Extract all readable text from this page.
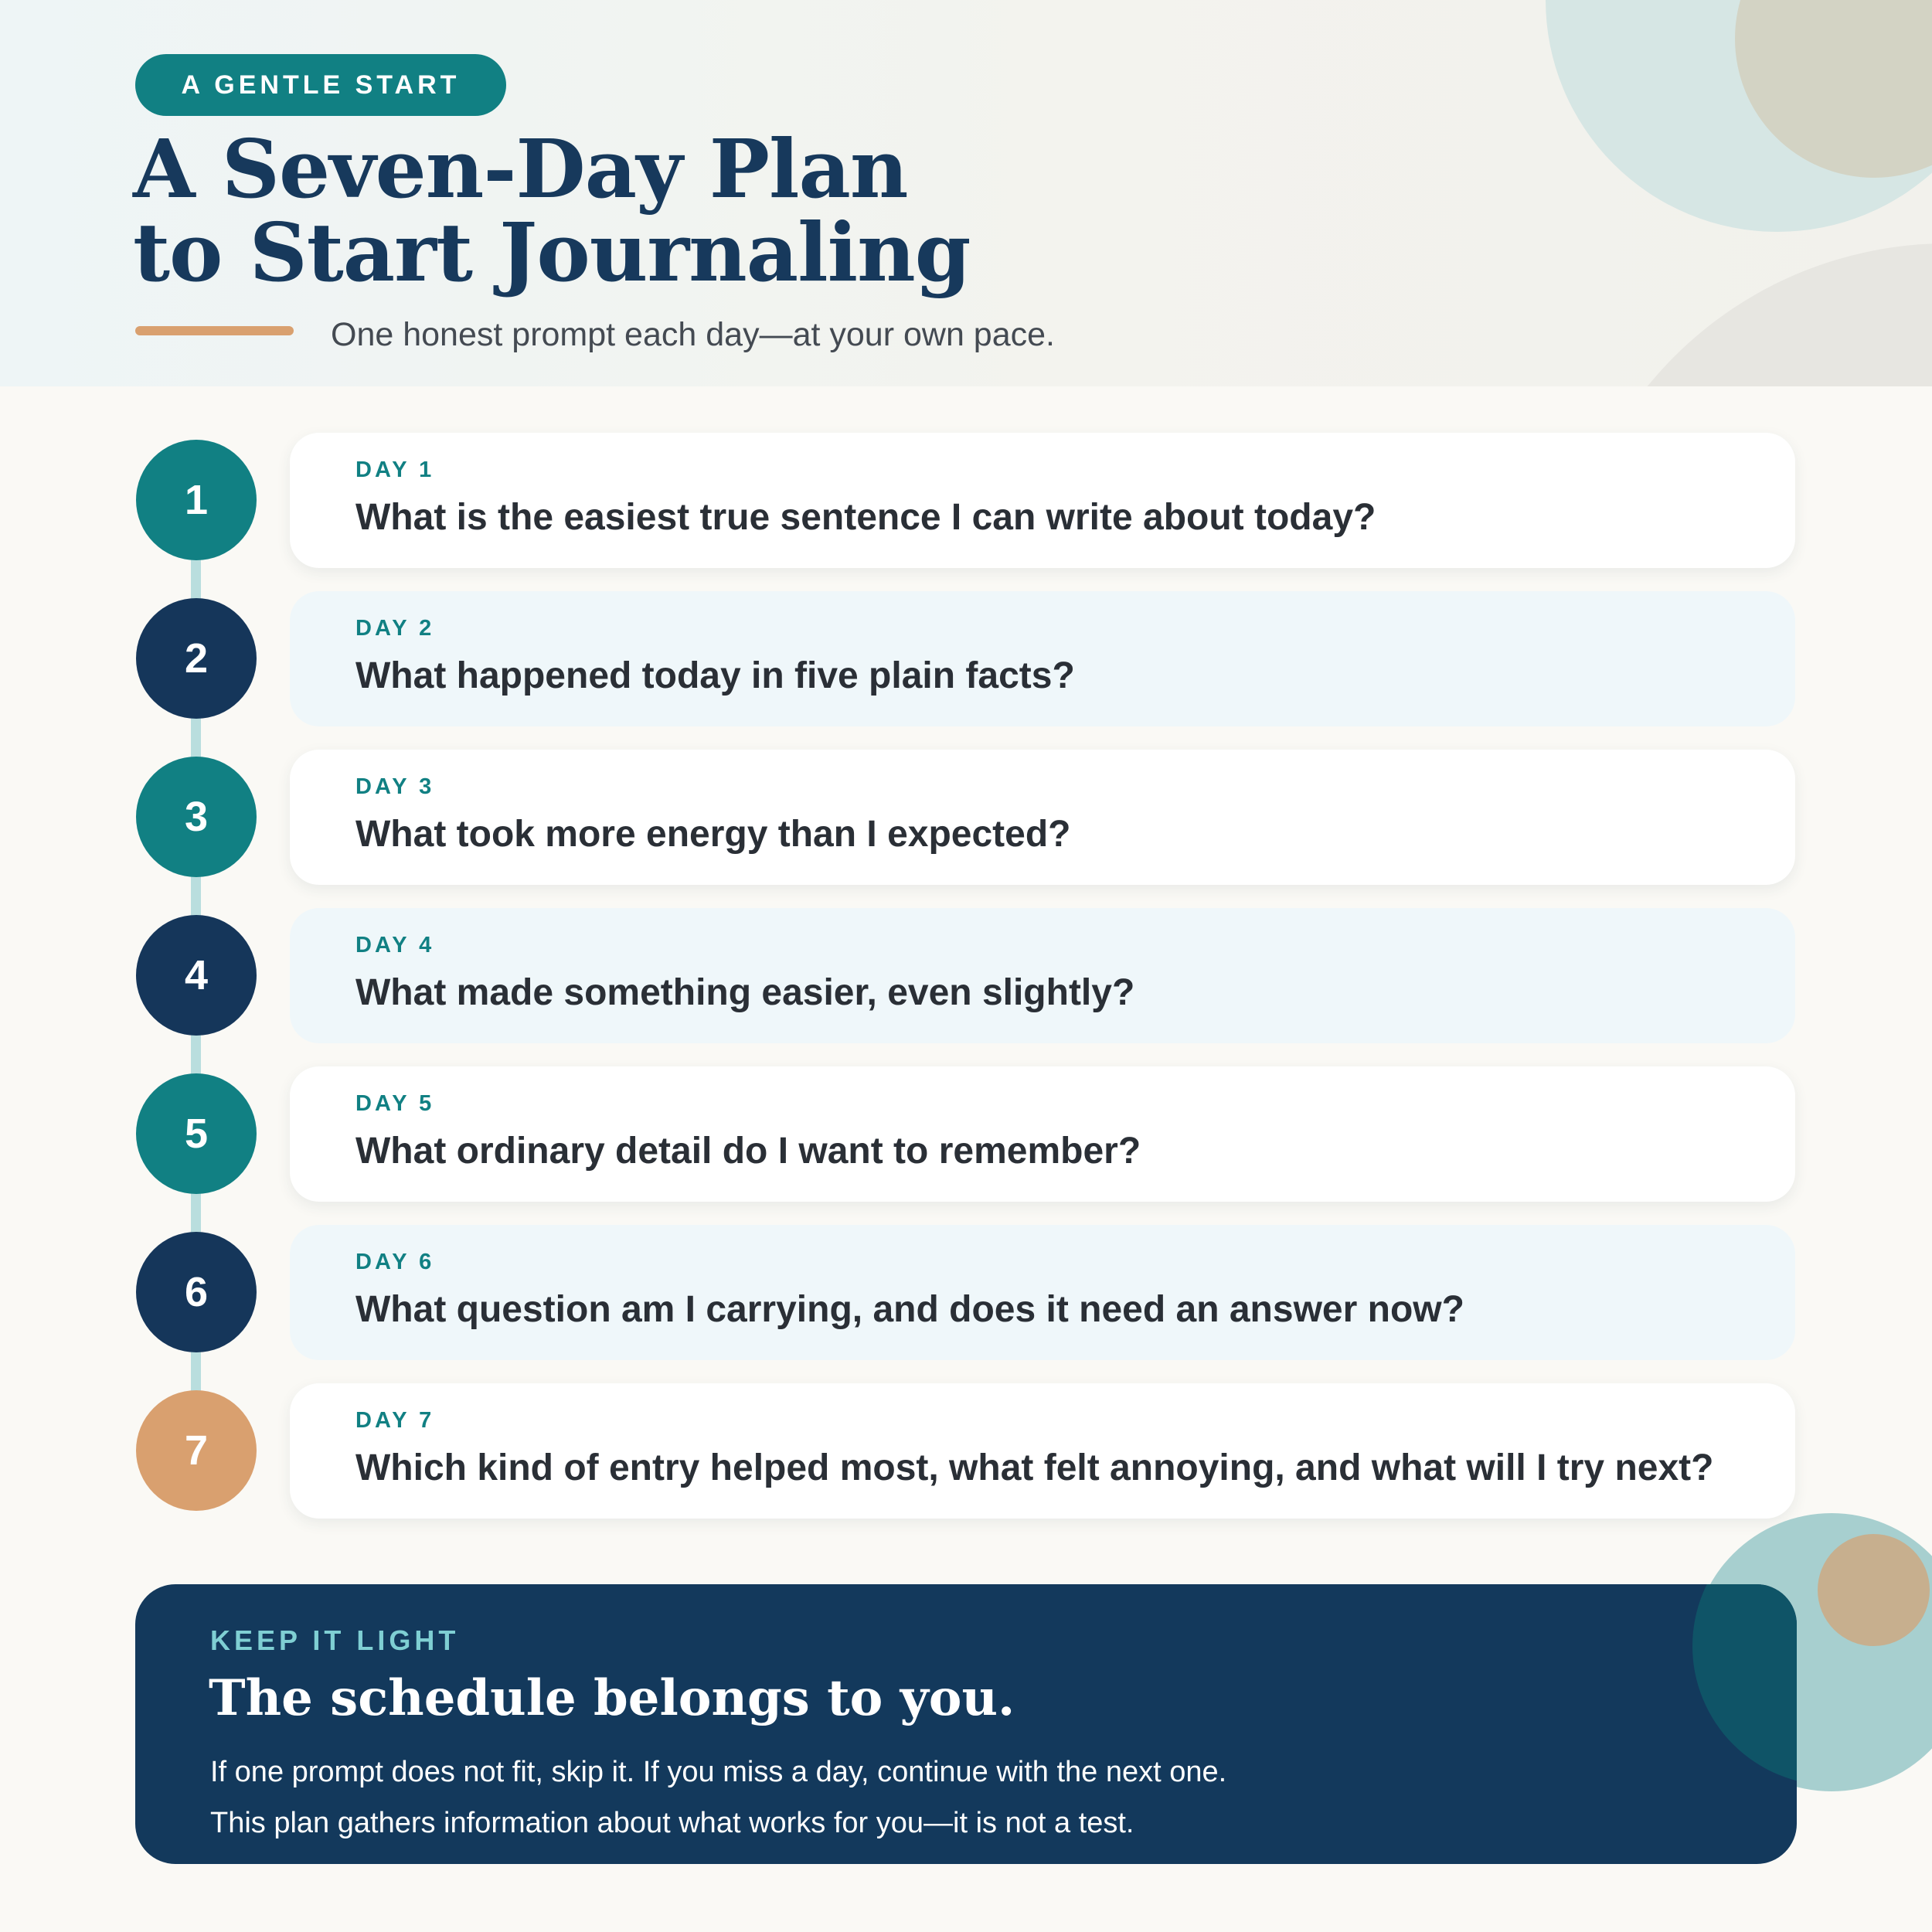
A GENTLE START
A Seven-Day Plan
to Start Journaling
One honest prompt each day—at your own pace.
1
DAY 1
What is the easiest true sentence I can write about today?
2
DAY 2
What happened today in five plain facts?
3
DAY 3
What took more energy than I expected?
4
DAY 4
What made something easier, even slightly?
5
DAY 5
What ordinary detail do I want to remember?
6
DAY 6
What question am I carrying, and does it need an answer now?
7
DAY 7
Which kind of entry helped most, what felt annoying, and what will I try next?
KEEP IT LIGHT
The schedule belongs to you.
If one prompt does not fit, skip it. If you miss a day, continue with the next one.
This plan gathers information about what works for you—it is not a test.
